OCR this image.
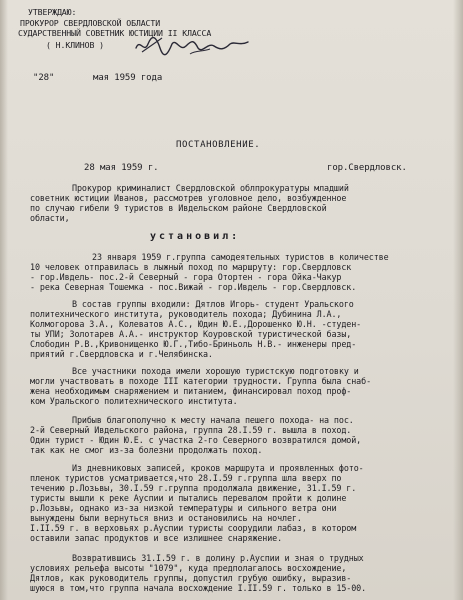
УТВЕРЖДАЮ:
ПРОКУРОР СВЕРДЛОВСКОЙ ОБЛАСТИ
СУДАРСТВЕННЫЙ СОВЕТНИК ЮСТИЦИИ II КЛАССА
( Н.КЛИНОВ )
"28"	мая 1959 года
ПОСТАНОВЛЕНИЕ.
28 мая 1959 г.	гор.Свердловск.
Прокурор криминалист Свердловской облпрокуратуры младший
советник юстиции Иванов, рассмотрев уголовное дело, возбужденное
по случаю гибели 9 туристов в Ивдельском районе Свердловской
области,
установил:
23 января 1959 г.группа самодеятельных туристов в количестве
10 человек отправилась в лыжный поход по маршруту: гор.Свердловск
- гор.Ивдель- пос.2-й Северный - гора Отортен - гора Ойка-Чакур
- река Северная Тошемка - пос.Вижай - гор.Ивдель - гор.Свердловск.
В состав группы входили: Дятлов Игорь- студент Уральского
политехнического института, руководитель похода; Дубинина Л.А.,
Колмогорова З.А., Колеватов А.С., Юдин Ю.Е.,Дорошенко Ю.Н. -студен-
ты УПИ; Золотарев А.А.- инструктор Коуровской туристической базы,
Слободин Р.В.,Кривонищенко Ю.Г.,Тибо-Бриньоль Н.В.- инженеры пред-
приятий г.Свердловска и г.Челябинска.
Все участники похода имели хорошую туристскую подготовку и
могли участвовать в походе III категории трудности. Группа была снаб-
жена необходимым снаряжением и питанием, финансировал поход проф-
ком Уральского политехнического института.
Прибыв благополучно к месту начала пешего похода- на пос.
2-й Северный Ивдельского района, группа 28.I.59 г. вышла в поход.
Один турист - Юдин Ю.Е. с участка 2-го Северного возвратился домой,
так как не смог из-за болезни продолжать поход.
Из дневниковых записей, кроков маршрута и проявленных фото-
пленок туристов усматривается,что 28.I.59 г.группа шла вверх по
течению р.Лозьвы, 30.I.59 г.группа продолжала движение, 31.I.59 г.
туристы вышли к реке Ауспии и пытались перевалом пройти к долине
р.Лозьвы, однако из-за низкой температуры и сильного ветра они
вынуждены были вернуться вниз и остановились на ночлег.
I.II.59 г. в верховьях р.Ауспии туристы соорудили лабаз, в котором
оставили запас продуктов и все излишнее снаряжение.
Возвратившись 31.I.59 г. в долину р.Ауспии и зная о трудных
условиях рельефа высоты "1079", куда предполагалось восхождение,
Дятлов, как руководитель группы, допустил грубую ошибку, выразив-
шуюся в том,что группа начала восхождение I.II.59 г. только в 15-00.
